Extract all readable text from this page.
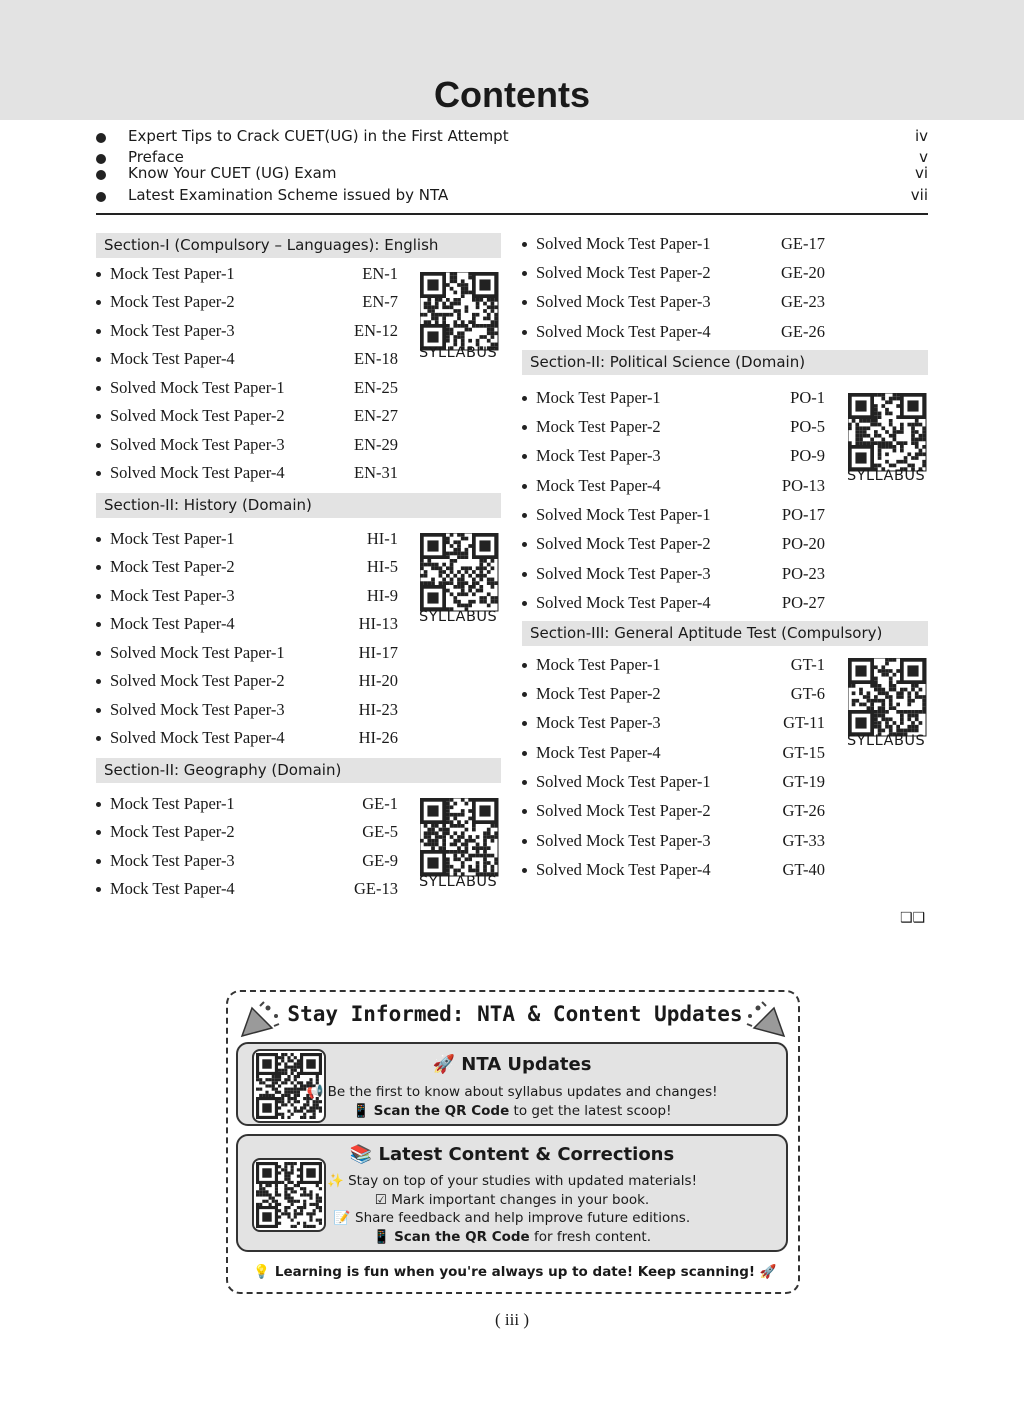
Contents
Expert Tips to Crack CUET(UG) in the First Attempt	iv
Preface	v
Know Your CUET (UG) Exam	vi
Latest Examination Scheme issued by NTA	vii
Section-I (Compulsory – Languages): English
Mock Test Paper-1	EN-1
Mock Test Paper-2	EN-7
Mock Test Paper-3	EN-12
Mock Test Paper-4	EN-18
Solved Mock Test Paper-1	EN-25
Solved Mock Test Paper-2	EN-27
Solved Mock Test Paper-3	EN-29
Solved Mock Test Paper-4	EN-31
SYLLABUS
Section-II: History (Domain)
Mock Test Paper-1	HI-1
Mock Test Paper-2	HI-5
Mock Test Paper-3	HI-9
Mock Test Paper-4	HI-13
Solved Mock Test Paper-1	HI-17
Solved Mock Test Paper-2	HI-20
Solved Mock Test Paper-3	HI-23
Solved Mock Test Paper-4	HI-26
SYLLABUS
Section-II: Geography (Domain)
Mock Test Paper-1	GE-1
Mock Test Paper-2	GE-5
Mock Test Paper-3	GE-9
Mock Test Paper-4	GE-13 SYLLABUS
Solved Mock Test Paper-1	GE-17
Solved Mock Test Paper-2	GE-20
Solved Mock Test Paper-3	GE-23
Solved Mock Test Paper-4	GE-26
Section-II: Political Science (Domain)
Mock Test Paper-1	PO-1
Mock Test Paper-2	PO-5
Mock Test Paper-3	PO-9
Mock Test Paper-4	PO-13
Solved Mock Test Paper-1	PO-17
Solved Mock Test Paper-2	PO-20
Solved Mock Test Paper-3	PO-23
Solved Mock Test Paper-4	PO-27
SYLLABUS
Section-III: General Aptitude Test (Compulsory)
Mock Test Paper-1	GT-1
Mock Test Paper-2	GT-6
Mock Test Paper-3	GT-11
Mock Test Paper-4	GT-15
Solved Mock Test Paper-1	GT-19
Solved Mock Test Paper-2	GT-26
Solved Mock Test Paper-3	GT-33
Solved Mock Test Paper-4	GT-40
SYLLABUS
❑❑
Stay Informed: NTA & Content Updates
🚀 NTA Updates
📢 Be the first to know about syllabus updates and changes!
📱 Scan the QR Code to get the latest scoop!
📚 Latest Content & Corrections
✨ Stay on top of your studies with updated materials!
☑ Mark important changes in your book.
📝 Share feedback and help improve future editions.
📱 Scan the QR Code for fresh content.
💡 Learning is fun when you're always up to date! Keep scanning! 🚀
( iii )
